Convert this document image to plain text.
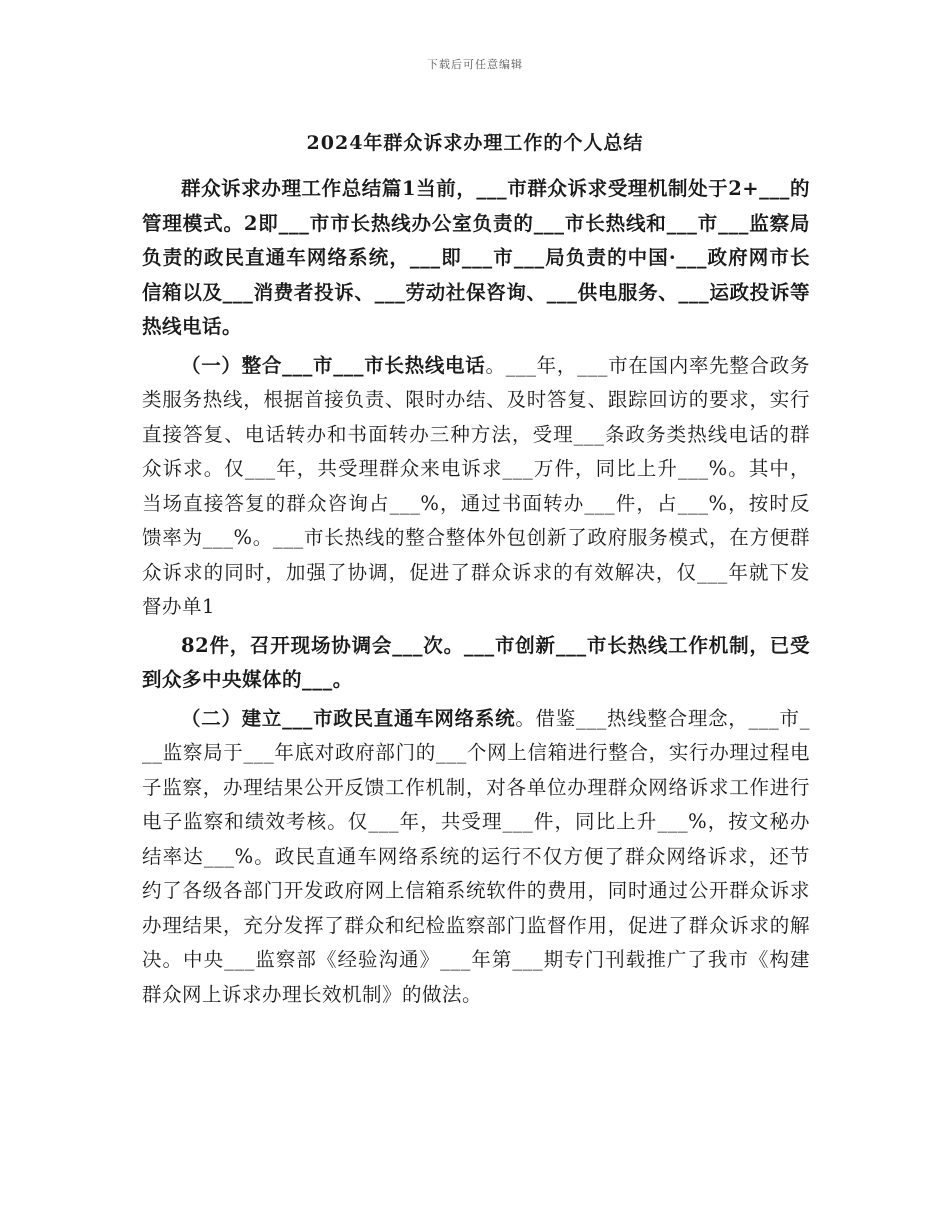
下载后可任意编辑
2024年群众诉求办理工作的个人总结

群众诉求办理工作总结篇1当前，___市群众诉求受理机制处于2+___的管理模式。2即___市市长热线办公室负责的___市长热线和___市___监察局负责的政民直通车网络系统，___即___市___局负责的中国·___政府网市长信箱以及___消费者投诉、___劳动社保咨询、___供电服务、___运政投诉等热线电话。

（一）整合___市___市长热线电话。___年，___市在国内率先整合政务类服务热线，根据首接负责、限时办结、及时答复、跟踪回访的要求，实行直接答复、电话转办和书面转办三种方法，受理___条政务类热线电话的群众诉求。仅___年，共受理群众来电诉求___万件，同比上升___%。其中，当场直接答复的群众咨询占___%，通过书面转办___件，占___%，按时反馈率为___%。___市长热线的整合整体外包创新了政府服务模式，在方便群众诉求的同时，加强了协调，促进了群众诉求的有效解决，仅___年就下发督办单1

82件，召开现场协调会___次。___市创新___市长热线工作机制，已受到众多中央媒体的___。

（二）建立___市政民直通车网络系统。借鉴___热线整合理念，___市___监察局于___年底对政府部门的___个网上信箱进行整合，实行办理过程电子监察，办理结果公开反馈工作机制，对各单位办理群众网络诉求工作进行电子监察和绩效考核。仅___年，共受理___件，同比上升___%，按文秘办结率达___%。政民直通车网络系统的运行不仅方便了群众网络诉求，还节约了各级各部门开发政府网上信箱系统软件的费用，同时通过公开群众诉求办理结果，充分发挥了群众和纪检监察部门监督作用，促进了群众诉求的解决。中央___监察部《经验沟通》___年第___期专门刊载推广了我市《构建群众网上诉求办理长效机制》的做法。
